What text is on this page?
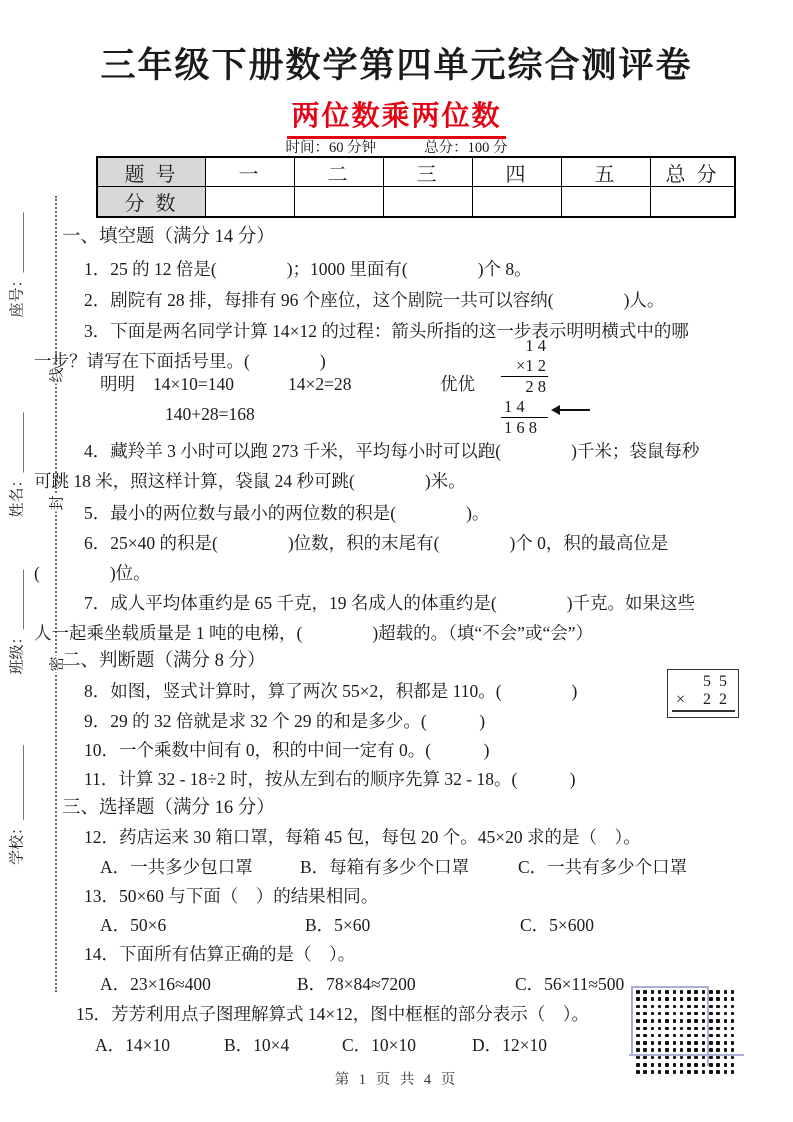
座号：＿＿＿＿
姓名：＿＿＿＿
班级：＿＿＿＿
学校：＿＿＿＿＿
线
封
密
三年级下册数学第四单元综合测评卷
两位数乘两位数
时间：60 分钟	总分：100 分
题 号	一	二	三	四	五	总 分
分 数
一、填空题（满分 14 分）
1．25 的 12 倍是(　　　　)；1000 里面有(　　　　)个 8。
2．剧院有 28 排，每排有 96 个座位，这个剧院一共可以容纳(　　　　)人。
3．下面是两名同学计算 14×12 的过程：箭头所指的这一步表示明明横式中的哪
一步？请写在下面括号里。(　　　　)
明明 14×10=140	14×2=28	优优
140+28=168
1 4
×1 2
2 8
1 4
1 6 8
4．藏羚羊 3 小时可以跑 273 千米，平均每小时可以跑(　　　　)千米；袋鼠每秒
可跳 18 米，照这样计算，袋鼠 24 秒可跳(　　　　)米。
5．最小的两位数与最小的两位数的积是(　　　　)。
6．25×40 的积是(　　　　)位数，积的末尾有(　　　　)个 0，积的最高位是
(　　　　)位。
7．成人平均体重约是 65 千克，19 名成人的体重约是(　　　　)千克。如果这些
人一起乘坐载质量是 1 吨的电梯，(　　　　)超载的。（填“不会”或“会”）
二、判断题（满分 8 分）
8．如图，竖式计算时，算了两次 55×2，积都是 110。(　　　　)	5 5
× 2 2
9．29 的 32 倍就是求 32 个 29 的和是多少。(　　　)
10．一个乘数中间有 0，积的中间一定有 0。(　　　)
11．计算 32 - 18÷2 时，按从左到右的顺序先算 32 - 18。(　　　)
三、选择题（满分 16 分）
12．药店运来 30 箱口罩，每箱 45 包，每包 20 个。45×20 求的是（　）。
A．一共多少包口罩	B．每箱有多少个口罩	C．一共有多少个口罩
13．50×60 与下面（　）的结果相同。
A．50×6	B．5×60	C．5×600
14．下面所有估算正确的是（　）。
A．23×16≈400	B．78×84≈7200	C．56×11≈500
15．芳芳利用点子图理解算式 14×12，图中框框的部分表示（　）。
A．14×10	B．10×4	C．10×10	D．12×10
第 1 页 共 4 页
